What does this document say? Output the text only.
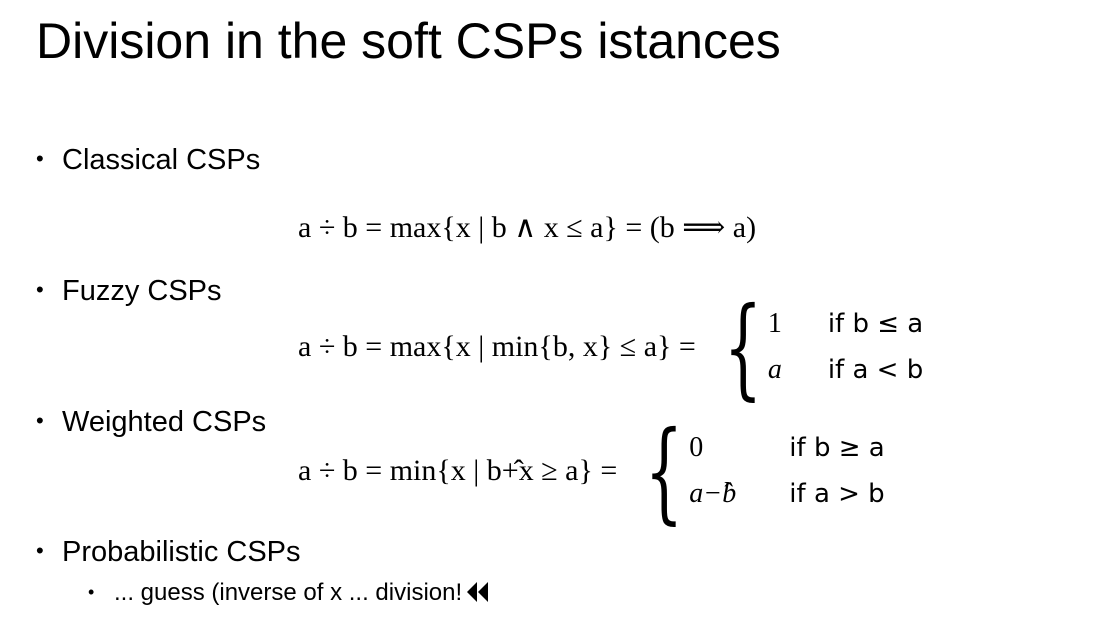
Division in the soft CSPs istances
• Classical CSPs
a ÷ b = max{x | b ∧ x ≤ a} = (b ⟹ a)
• Fuzzy CSPs
a ÷ b = max{x | min{b, x} ≤ a} = { 1	if b ≤ a
a	if a < b
• Weighted CSPs
a ÷ b = min{x | b+̂x ≥ a} = { 0	if b ≥ a
a−̂b	if a > b
• Probabilistic CSPs
• ... guess (inverse of x ... division!
